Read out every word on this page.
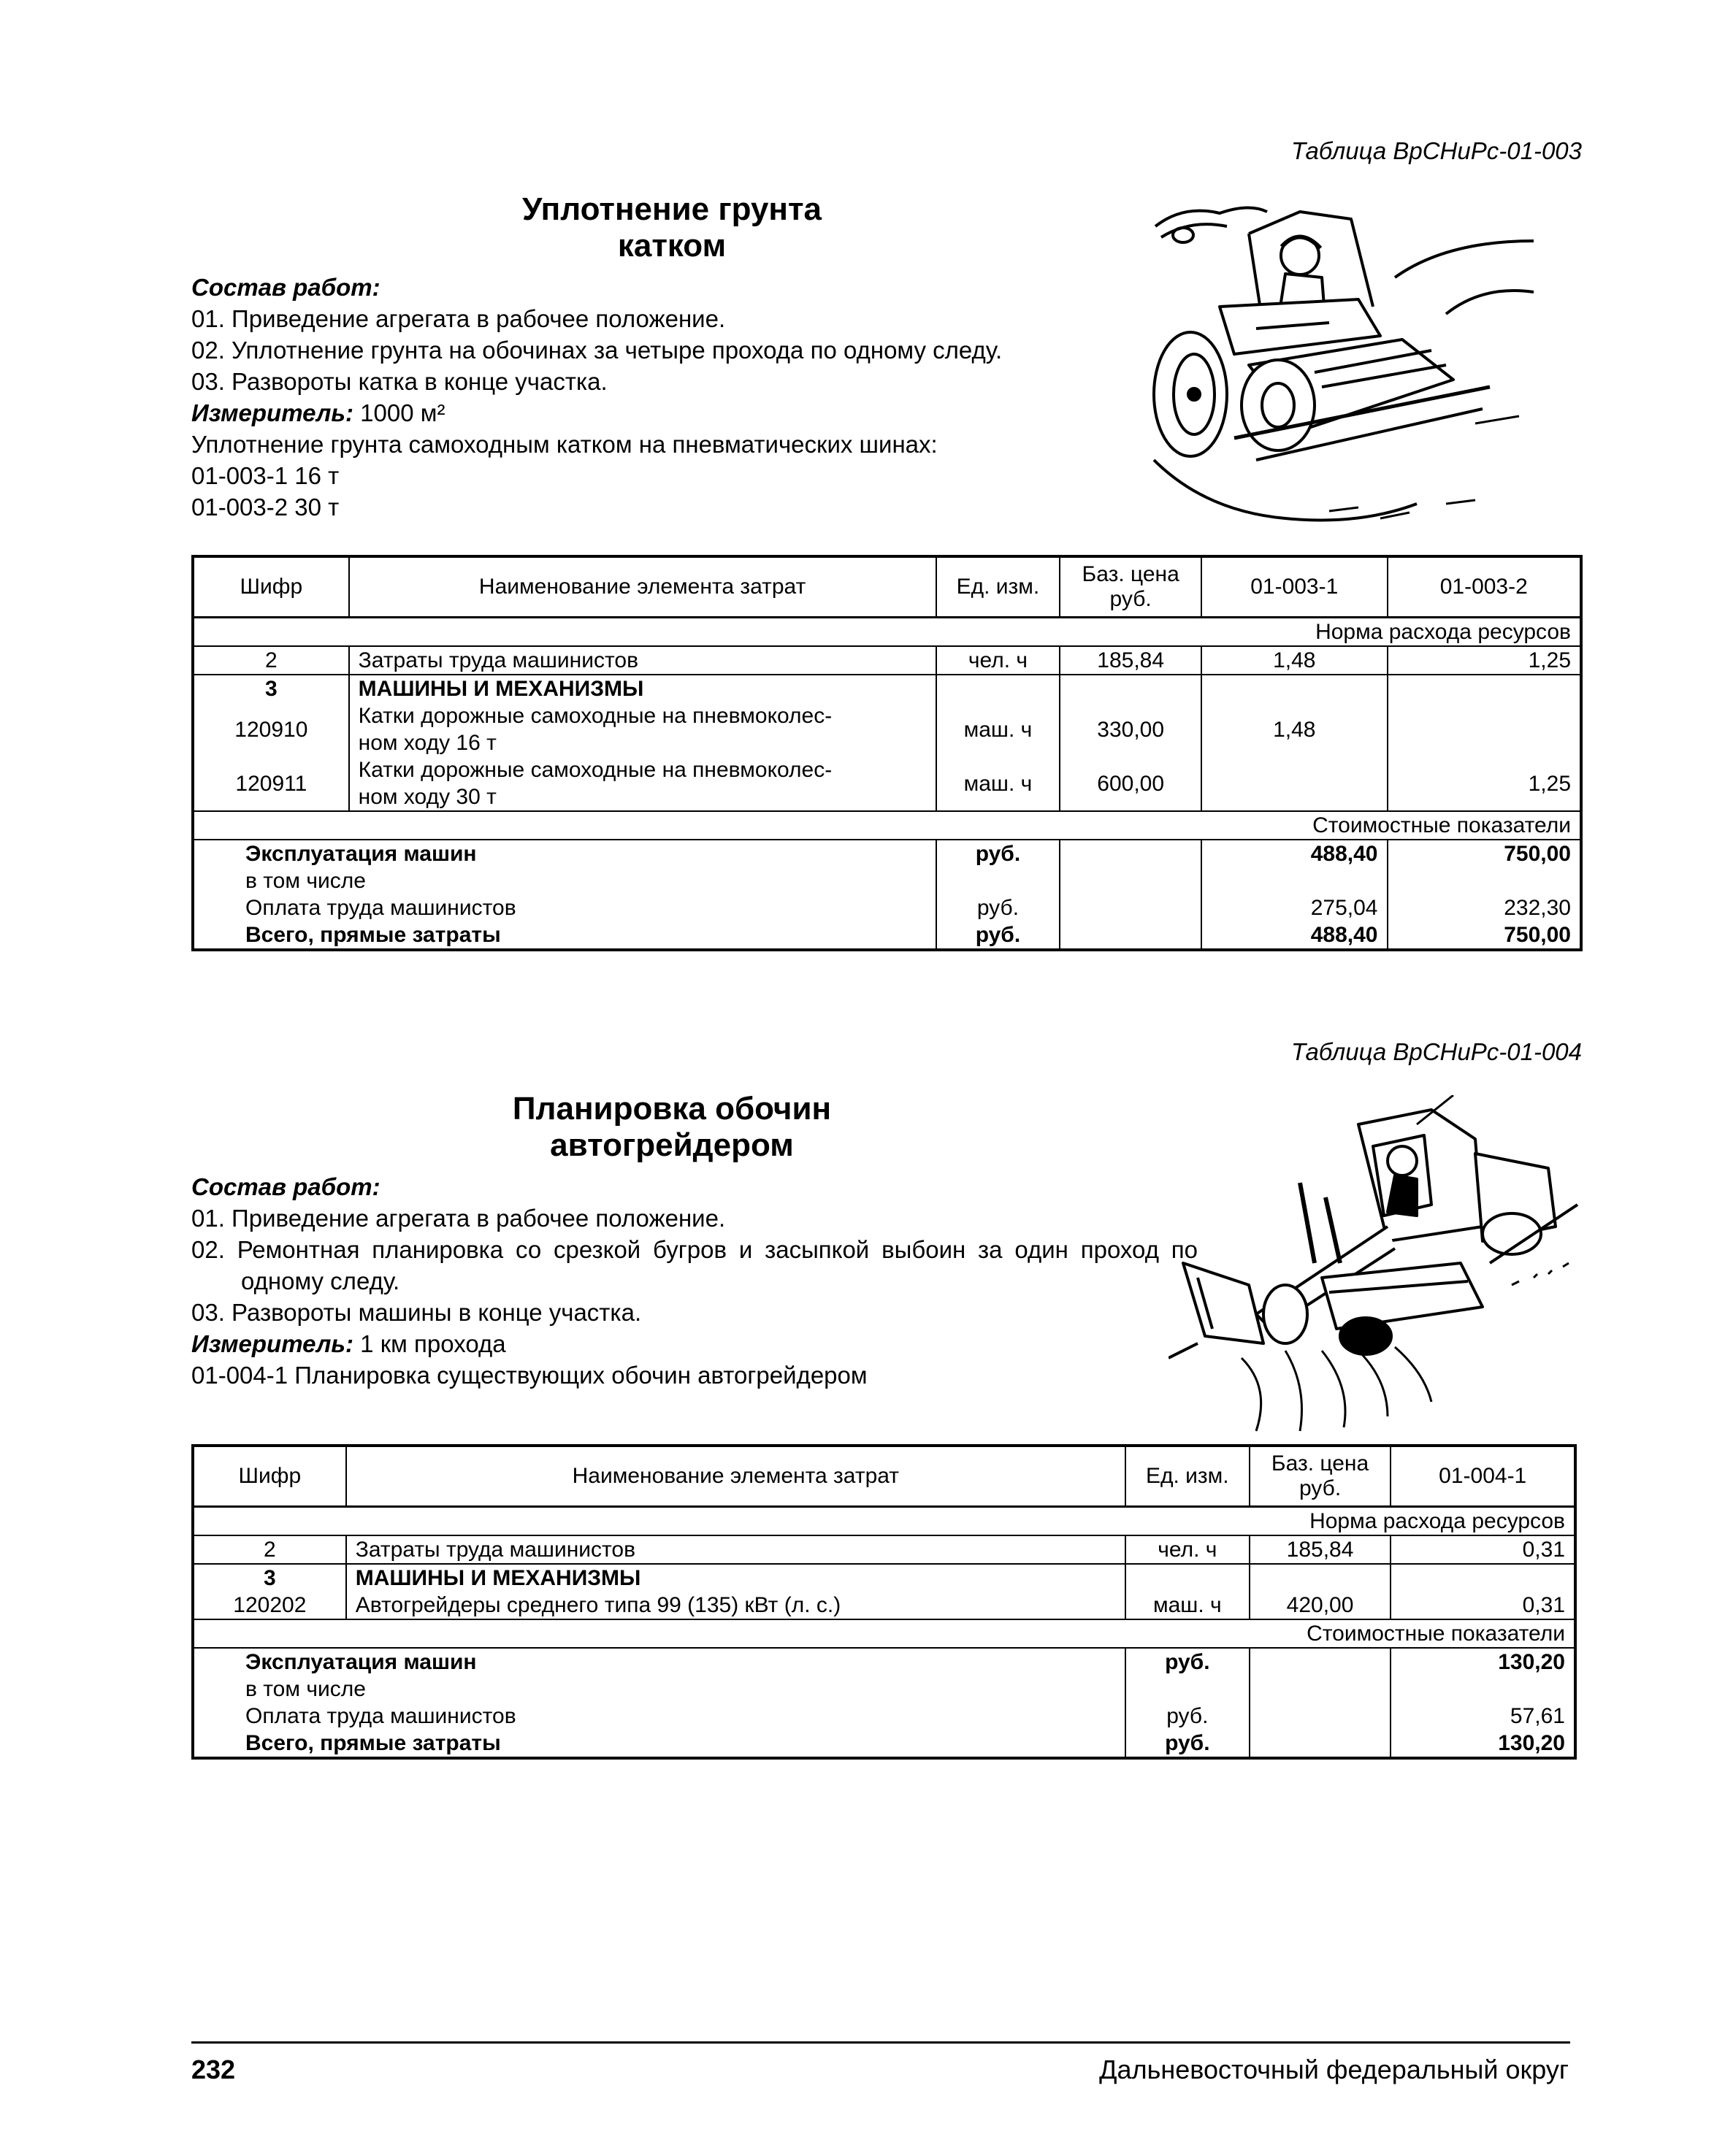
Таблица ВрСНиРс-01-003
Уплотнение грунта
катком
Состав работ:
01. Приведение агрегата в рабочее положение.
02. Уплотнение грунта на обочинах за четыре прохода по одному следу.
03. Развороты катка в конце участка.
Измеритель: 1000 м²
Уплотнение грунта самоходным катком на пневматических шинах:
01-003-1 16 т
01-003-2 30 т
Шифр	Наименование элемента затрат	Ед. изм.	Баз. цена руб.	01-003-1	01-003-2
Норма расхода ресурсов					
2	Затраты труда машинистов	чел. ч	185,84	1,48	1,25
3	МАШИНЫ И МЕХАНИЗМЫ				
120910	Катки дорожные самоходные на пневмоколес-
ном ходу 16 т	маш. ч	330,00	1,48	
120911	Катки дорожные самоходные на пневмоколес-
ном ходу 30 т	маш. ч	600,00		1,25
Стоимостные показатели					
Эксплуатация машин		руб.		488,40	750,00
в том числе					
Оплата труда машинистов		руб.		275,04	232,30
Всего, прямые затраты		руб.		488,40	750,00
Таблица ВрСНиРс-01-004
Планировка обочин
автогрейдером
Состав работ:
01. Приведение агрегата в рабочее положение.
02. Ремонтная планировка со срезкой бугров и засыпкой выбоин за один проход по одному следу.
03. Развороты машины в конце участка.
Измеритель: 1 км прохода
01-004-1 Планировка существующих обочин автогрейдером
Шифр	Наименование элемента затрат	Ед. изм.	Баз. цена руб.	01-004-1
Норма расхода ресурсов				
2	Затраты труда машинистов	чел. ч	185,84	0,31
3	МАШИНЫ И МЕХАНИЗМЫ			
120202	Автогрейдеры среднего типа 99 (135) кВт (л. с.)	маш. ч	420,00	0,31
Стоимостные показатели				
Эксплуатация машин		руб.		130,20
в том числе				
Оплата труда машинистов		руб.		57,61
Всего, прямые затраты		руб.		130,20
232	Дальневосточный федеральный округ
